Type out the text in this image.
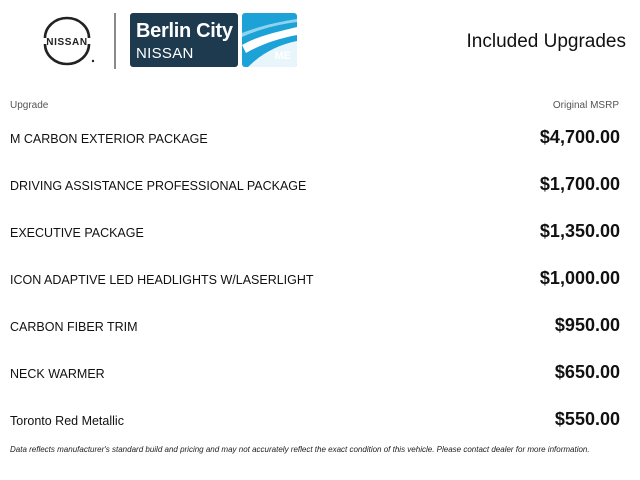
NISSAN
Berlin City
NISSAN	ME
Included Upgrades
Upgrade	Original MSRP
M CARBON EXTERIOR PACKAGE	$4,700.00
DRIVING ASSISTANCE PROFESSIONAL PACKAGE	$1,700.00
EXECUTIVE PACKAGE	$1,350.00
ICON ADAPTIVE LED HEADLIGHTS W/LASERLIGHT	$1,000.00
CARBON FIBER TRIM	$950.00
NECK WARMER	$650.00
Toronto Red Metallic	$550.00
Data reflects manufacturer's standard build and pricing and may not accurately reflect the exact condition of this vehicle. Please contact dealer for more information.
